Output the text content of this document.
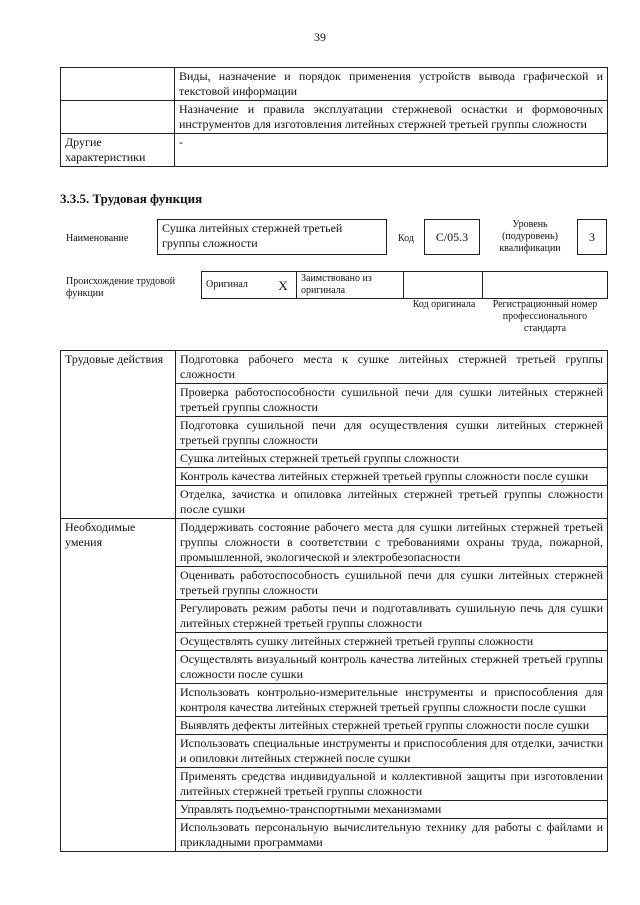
39
	Виды, назначение и порядок применения устройств вывода графической и текстовой информации
	Назначение и правила эксплуатации стержневой оснастки и формовочных инструментов для изготовления литейных стержней третьей группы сложности
Другие характеристики	-
3.3.5. Трудовая функция
Наименование
Сушка литейных стержней третьей группы сложности	Код C/05.3
Уровень (подуровень) квалификации
3
Происхождение трудовой функции
Оригинал	X	Заимствовано из оригинала		
Код оригинала	Регистрационный номер профессионального стандарта
Трудовые действия	Подготовка рабочего места к сушке литейных стержней третьей группы сложности
	Проверка работоспособности сушильной печи для сушки литейных стержней третьей группы сложности
	Подготовка сушильной печи для осуществления сушки литейных стержней третьей группы сложности
	Сушка литейных стержней третьей группы сложности
	Контроль качества литейных стержней третьей группы сложности после сушки
	Отделка, зачистка и опиловка литейных стержней третьей группы сложности после сушки
Необходимые умения	Поддерживать состояние рабочего места для сушки литейных стержней третьей группы сложности в соответствии с требованиями охраны труда, пожарной, промышленной, экологической и электробезопасности
	Оценивать работоспособность сушильной печи для сушки литейных стержней третьей группы сложности
	Регулировать режим работы печи и подготавливать сушильную печь для сушки литейных стержней третьей группы сложности
	Осуществлять сушку литейных стержней третьей группы сложности
	Осуществлять визуальный контроль качества литейных стержней третьей группы сложности после сушки
	Использовать контрольно-измерительные инструменты и приспособления для контроля качества литейных стержней третьей группы сложности после сушки
	Выявлять дефекты литейных стержней третьей группы сложности после сушки
	Использовать специальные инструменты и приспособления для отделки, зачистки и опиловки литейных стержней после сушки
	Применять средства индивидуальной и коллективной защиты при изготовлении литейных стержней третьей группы сложности
	Управлять подъемно-транспортными механизмами
	Использовать персональную вычислительную технику для работы с файлами и прикладными программами
